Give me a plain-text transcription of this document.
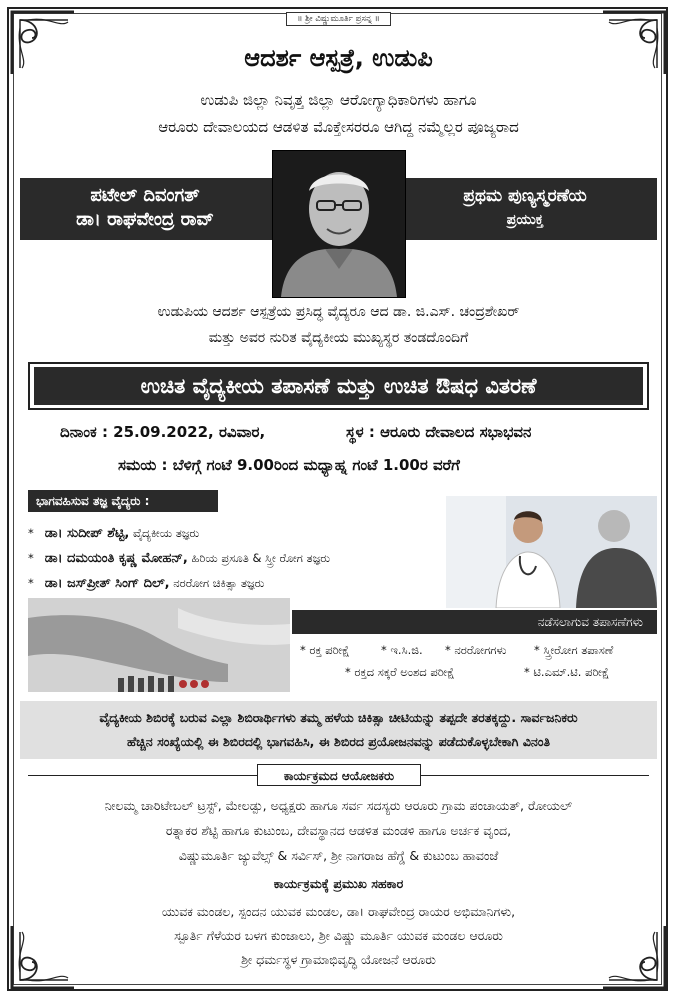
॥ ಶ್ರೀ ವಿಷ್ಣುಮೂರ್ತಿ ಪ್ರಸನ್ನ ॥
ಆದರ್ಶ ಆಸ್ಪತ್ರೆ, ಉಡುಪಿ
ಉಡುಪಿ ಜಿಲ್ಲಾ ನಿವೃತ್ತ ಜಿಲ್ಲಾ ಆರೋಗ್ಯಾಧಿಕಾರಿಗಳು ಹಾಗೂ
ಆರೂರು ದೇವಾಲಯದ ಆಡಳಿತ ಮೊಕ್ತೇಸರರೂ ಆಗಿದ್ದ ನಮ್ಮೆಲ್ಲರ ಪೂಜ್ಯರಾದ
ಪಟೇಲ್ ದಿವಂಗತ್
ಡಾ। ರಾಘವೇಂದ್ರ ರಾವ್
ಪ್ರಥಮ ಪುಣ್ಯಸ್ಮರಣೆಯ
ಪ್ರಯುಕ್ತ
ಉಡುಪಿಯ ಆದರ್ಶ ಆಸ್ಪತ್ರೆಯ ಪ್ರಸಿದ್ಧ ವೈದ್ಯರೂ ಆದ ಡಾ. ಜಿ.ಎಸ್. ಚಂದ್ರಶೇಖರ್
ಮತ್ತು ಅವರ ನುರಿತ ವೈದ್ಯಕೀಯ ಮುಖ್ಯಸ್ಥರ ತಂಡದೊಂದಿಗೆ
ಉಚಿತ ವೈದ್ಯಕೀಯ ತಪಾಸಣೆ ಮತ್ತು ಉಚಿತ ಔಷಧ ವಿತರಣೆ
ದಿನಾಂಕ : 25.09.2022, ರವಿವಾರ,	ಸ್ಥಳ : ಆರೂರು ದೇವಾಲದ ಸಭಾಭವನ
ಸಮಯ : ಬೆಳಿಗ್ಗೆ ಗಂಟೆ 9.00ರಿಂದ ಮಧ್ಯಾಹ್ನ ಗಂಟೆ 1.00ರ ವರೆಗೆ
ಭಾಗವಹಿಸುವ ತಜ್ಞ ವೈದ್ಯರು :
* ಡಾ। ಸುದೀಪ್ ಶೆಟ್ಟಿ, ವೈದ್ಯಕೀಯ ತಜ್ಞರು
* ಡಾ। ದಮಯಂತಿ ಕೃಷ್ಣ ಮೋಹನ್, ಹಿರಿಯ ಪ್ರಸೂತಿ & ಸ್ತ್ರೀ ರೋಗ ತಜ್ಞರು
* ಡಾ। ಜಸ್‌ಪ್ರೀತ್ ಸಿಂಗ್ ದಿಲ್, ನರರೋಗ ಚಿಕಿತ್ಸಾ ತಜ್ಞರು
ನಡೆಸಲಾಗುವ ತಪಾಸಣೆಗಳು
* ರಕ್ತ ಪರೀಕ್ಷೆ	* ಇ.ಸಿ.ಜಿ. * ನರರೋಗಗಳು * ಸ್ತ್ರೀರೋಗ ತಪಾಸಣೆ
* ರಕ್ತದ ಸಕ್ಕರೆ ಅಂಶದ ಪರೀಕ್ಷೆ	* ಟಿ.ಎಮ್.ಟಿ. ಪರೀಕ್ಷೆ
ವೈದ್ಯಕೀಯ ಶಿಬಿರಕ್ಕೆ ಬರುವ ಎಲ್ಲಾ ಶಿಬಿರಾರ್ಥಿಗಳು ತಮ್ಮ ಹಳೆಯ ಚಿಕಿತ್ಸಾ ಚೀಟಿಯನ್ನು ತಪ್ಪದೇ ತರತಕ್ಕದ್ದು. ಸಾರ್ವಜನಿಕರು
ಹೆಚ್ಚಿನ ಸಂಖ್ಯೆಯಲ್ಲಿ ಈ ಶಿಬಿರದಲ್ಲಿ ಭಾಗವಹಿಸಿ, ಈ ಶಿಬಿರದ ಪ್ರಯೋಜನವನ್ನು ಪಡೆದುಕೊಳ್ಳಬೇಕಾಗಿ ವಿನಂತಿ
ಕಾರ್ಯಕ್ರಮದ ಆಯೋಜಕರು
ನೀಲಮ್ಮ ಚಾರಿಟೇಬಲ್ ಟ್ರಸ್ಟ್, ಮೇಲಡ್ಪು, ಅಧ್ಯಕ್ಷರು ಹಾಗೂ ಸರ್ವ ಸದಸ್ಯರು ಆರೂರು ಗ್ರಾಮ ಪಂಚಾಯತ್, ರೋಯಲ್
ರತ್ನಾಕರ ಶೆಟ್ಟಿ ಹಾಗೂ ಕುಟುಂಬ, ದೇವಸ್ಥಾನದ ಆಡಳಿತ ಮಂಡಳಿ ಹಾಗೂ ಅರ್ಚಕ ವೃಂದ,
ವಿಷ್ಣುಮೂರ್ತಿ ಜ್ಯುವೆಲ್ಸ್ & ಸರ್ವಿಸ್, ಶ್ರೀ ನಾಗರಾಜ ಹೆಗ್ಡೆ & ಕುಟುಂಬ ಹಾವಂಜೆ
ಕಾರ್ಯಕ್ರಮಕ್ಕೆ ಪ್ರಮುಖ ಸಹಕಾರ
ಯುವಕ ಮಂಡಲ, ಸ್ಪಂದನ ಯುವಕ ಮಂಡಲ, ಡಾ। ರಾಘವೇಂದ್ರ ರಾಯರ ಅಭಿಮಾನಿಗಳು,
ಸ್ಪೂರ್ತಿ ಗೆಳೆಯರ ಬಳಗ ಕುಂಜಾಲು, ಶ್ರೀ ವಿಷ್ಣು ಮೂರ್ತಿ ಯುವಕ ಮಂಡಲ ಆರೂರು
ಶ್ರೀ ಧರ್ಮಸ್ಥಳ ಗ್ರಾಮಾಭಿವೃದ್ಧಿ ಯೋಜನೆ ಆರೂರು
